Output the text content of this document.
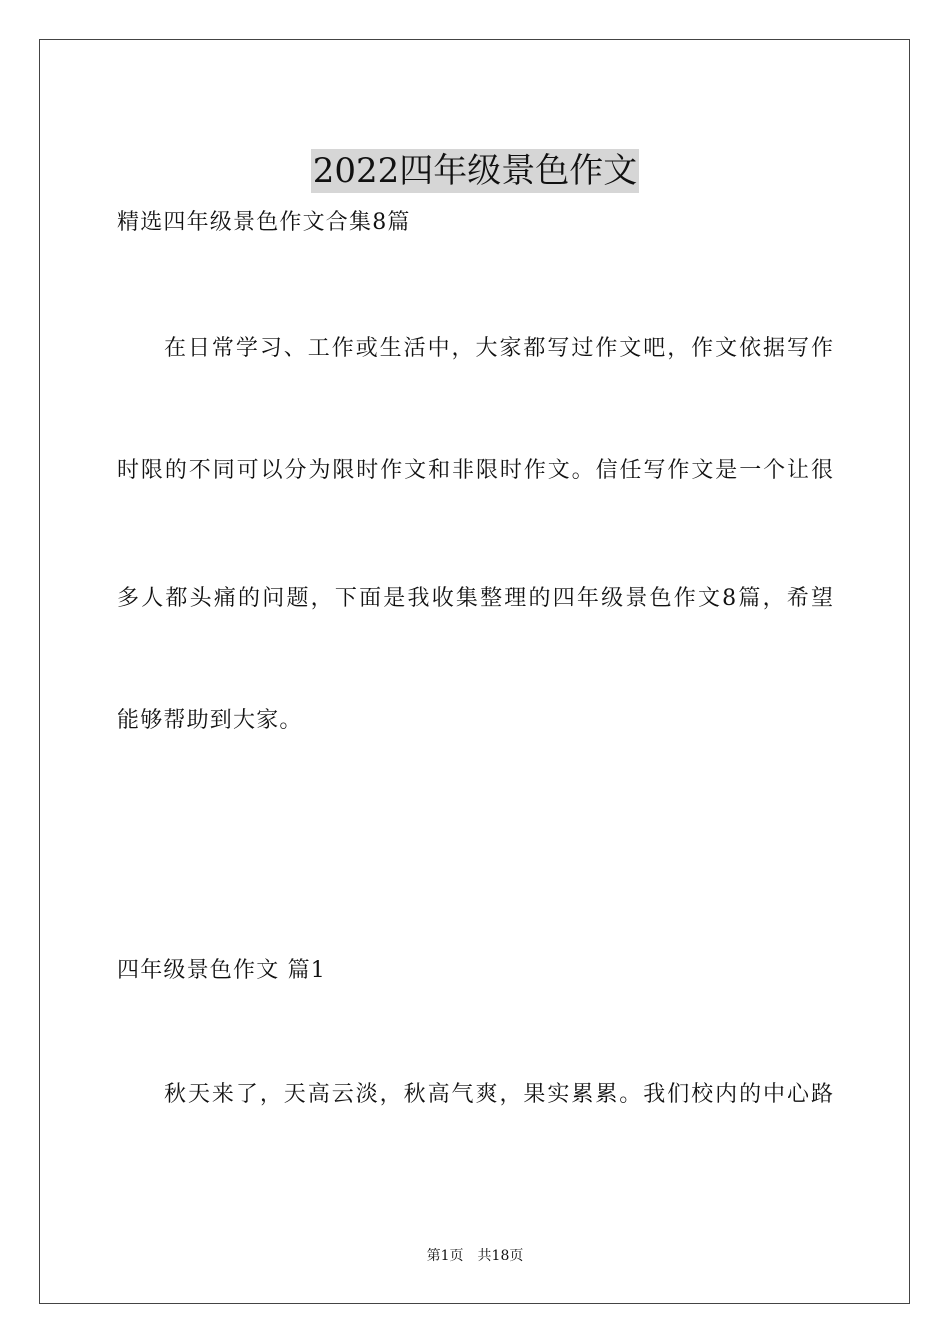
2022四年级景色作文
精选四年级景色作文合集8篇
在日常学习、工作或生活中，大家都写过作文吧，作文依据写作
时限的不同可以分为限时作文和非限时作文。信任写作文是一个让很
多人都头痛的问题，下面是我收集整理的四年级景色作文8篇，希望
能够帮助到大家。
四年级景色作文 篇1
秋天来了，天高云淡，秋高气爽，果实累累。我们校内的中心路
第1页 共18页
